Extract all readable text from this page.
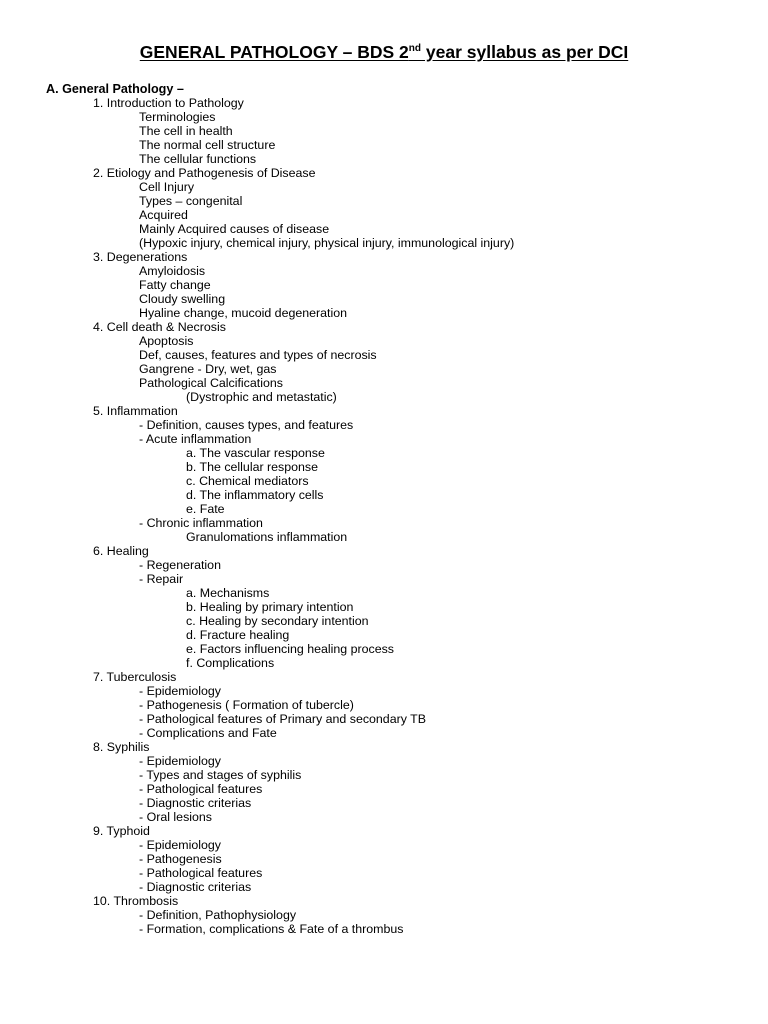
GENERAL PATHOLOGY – BDS 2nd year syllabus as per DCI
A. General Pathology –
1. Introduction to Pathology
Terminologies
The cell in health
The normal cell structure
The cellular functions
2. Etiology and Pathogenesis of Disease
Cell Injury
Types – congenital
Acquired
Mainly Acquired causes of disease
(Hypoxic injury, chemical injury, physical injury, immunological injury)
3. Degenerations
Amyloidosis
Fatty change
Cloudy swelling
Hyaline change, mucoid degeneration
4. Cell death & Necrosis
Apoptosis
Def, causes, features and types of necrosis
Gangrene - Dry, wet, gas
Pathological Calcifications
(Dystrophic and metastatic)
5. Inflammation
- Definition, causes types, and features
- Acute inflammation
a. The vascular response
b. The cellular response
c. Chemical mediators
d. The inflammatory cells
e. Fate
- Chronic inflammation
Granulomations inflammation
6. Healing
- Regeneration
- Repair
a. Mechanisms
b. Healing by primary intention
c. Healing by secondary intention
d. Fracture healing
e. Factors influencing healing process
f. Complications
7. Tuberculosis
- Epidemiology
- Pathogenesis ( Formation of tubercle)
- Pathological features of Primary and secondary TB
- Complications and Fate
8. Syphilis
- Epidemiology
- Types and stages of syphilis
- Pathological features
- Diagnostic criterias
- Oral lesions
9. Typhoid
- Epidemiology
- Pathogenesis
- Pathological features
- Diagnostic criterias
10. Thrombosis
- Definition, Pathophysiology
- Formation, complications & Fate of a thrombus
